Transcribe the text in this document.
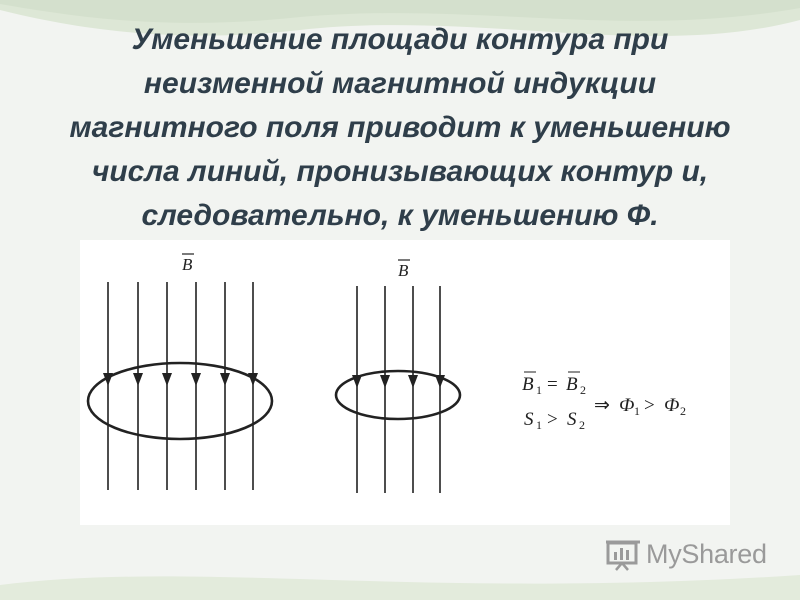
Уменьшение площади контура при
неизменной магнитной индукции
магнитного поля приводит к уменьшению
числа линий, пронизывающих контур и,
следовательно, к уменьшению Ф.
B	B
B 1 = B 2
S 1 > S 2
⇒ Ф 1 > Ф 2
MyShared
